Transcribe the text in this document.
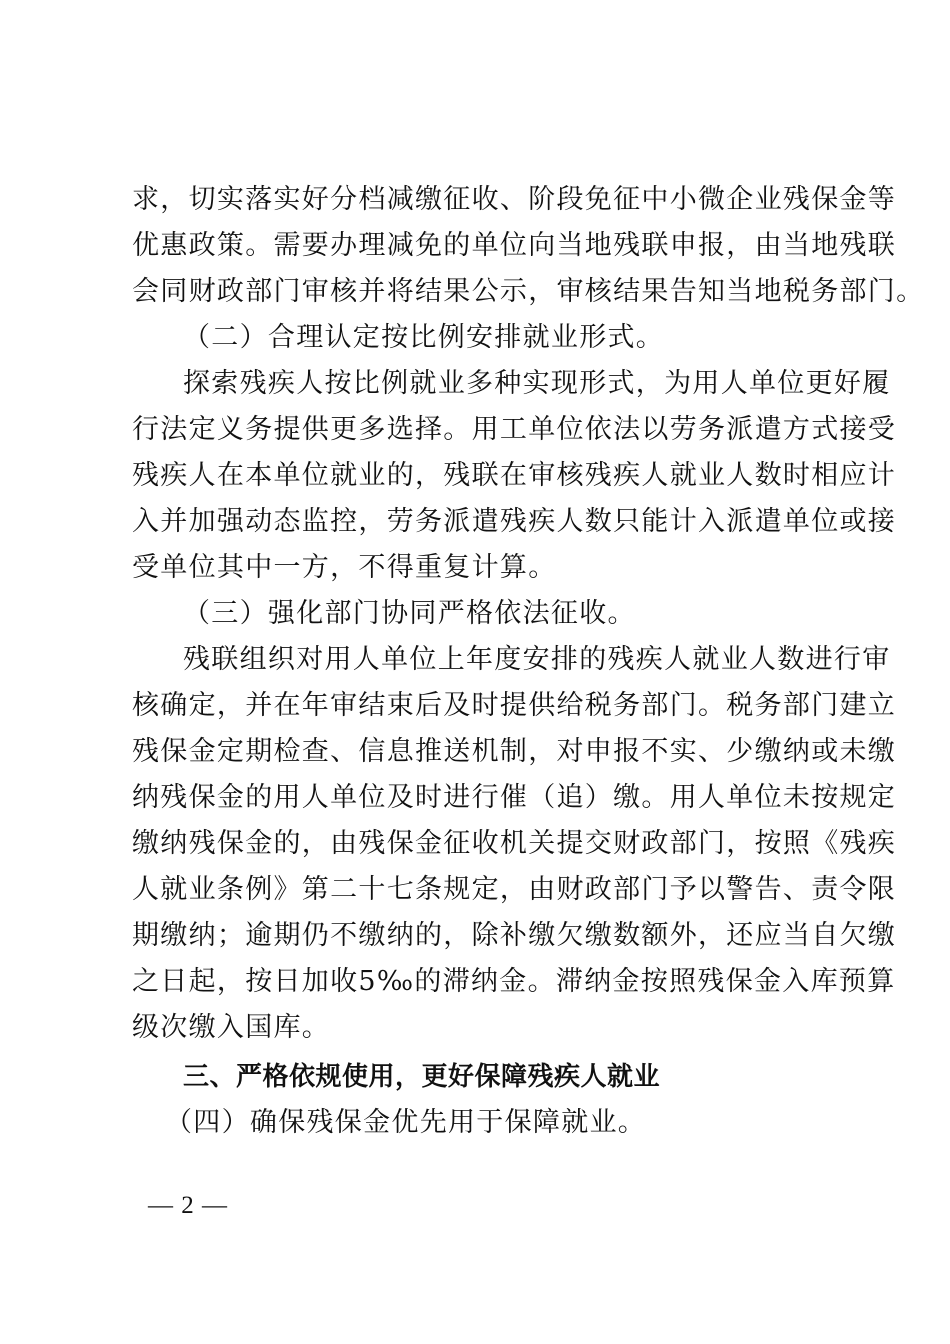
求，切实落实好分档减缴征收、阶段免征中小微企业残保金等
优惠政策。需要办理减免的单位向当地残联申报，由当地残联
会同财政部门审核并将结果公示，审核结果告知当地税务部门。
（二）合理认定按比例安排就业形式。
探索残疾人按比例就业多种实现形式，为用人单位更好履
行法定义务提供更多选择。用工单位依法以劳务派遣方式接受
残疾人在本单位就业的，残联在审核残疾人就业人数时相应计
入并加强动态监控，劳务派遣残疾人数只能计入派遣单位或接
受单位其中一方，不得重复计算。
（三）强化部门协同严格依法征收。
残联组织对用人单位上年度安排的残疾人就业人数进行审
核确定，并在年审结束后及时提供给税务部门。税务部门建立
残保金定期检查、信息推送机制，对申报不实、少缴纳或未缴
纳残保金的用人单位及时进行催（追）缴。用人单位未按规定
缴纳残保金的，由残保金征收机关提交财政部门，按照《残疾
人就业条例》第二十七条规定，由财政部门予以警告、责令限
期缴纳；逾期仍不缴纳的，除补缴欠缴数额外，还应当自欠缴
之日起，按日加收5‰的滞纳金。滞纳金按照残保金入库预算
级次缴入国库。
三、严格依规使用，更好保障残疾人就业
（四）确保残保金优先用于保障就业。
— 2 —
